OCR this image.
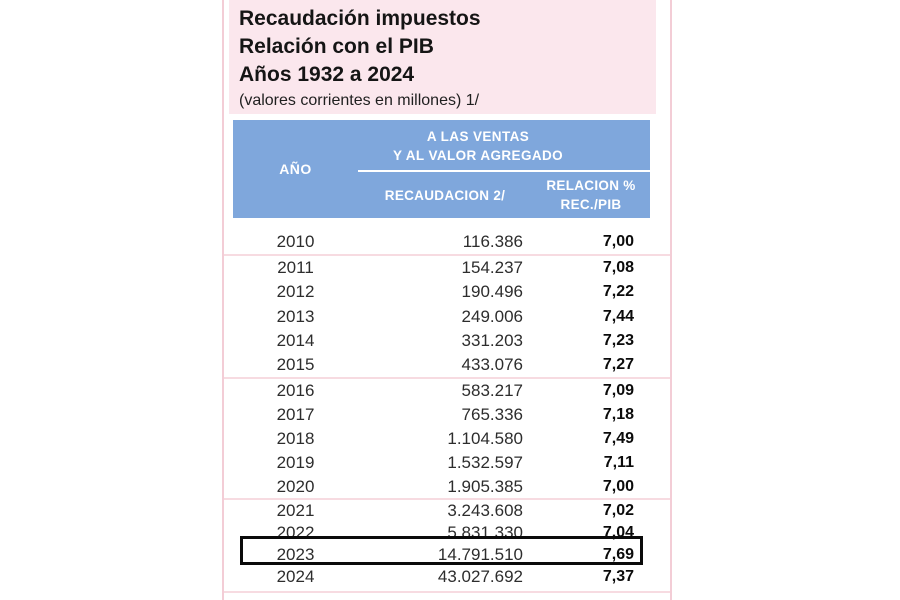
Recaudación impuestos
Relación con el PIB
Años 1932 a 2024
(valores corrientes en millones) 1/
AÑO
A LAS VENTAS
Y AL VALOR AGREGADO
RECAUDACION 2/
RELACION %
REC./PIB
2010	116.386	7,00
2011	154.237	7,08
2012	190.496	7,22
2013	249.006	7,44
2014	331.203	7,23
2015	433.076	7,27
2016	583.217	7,09
2017	765.336	7,18
2018	1.104.580	7,49
2019	1.532.597	7,11
2020	1.905.385	7,00
2021	3.243.608	7,02
2022	5.831.330	7,04
2023	14.791.510	7,69
2024	43.027.692	7,37
